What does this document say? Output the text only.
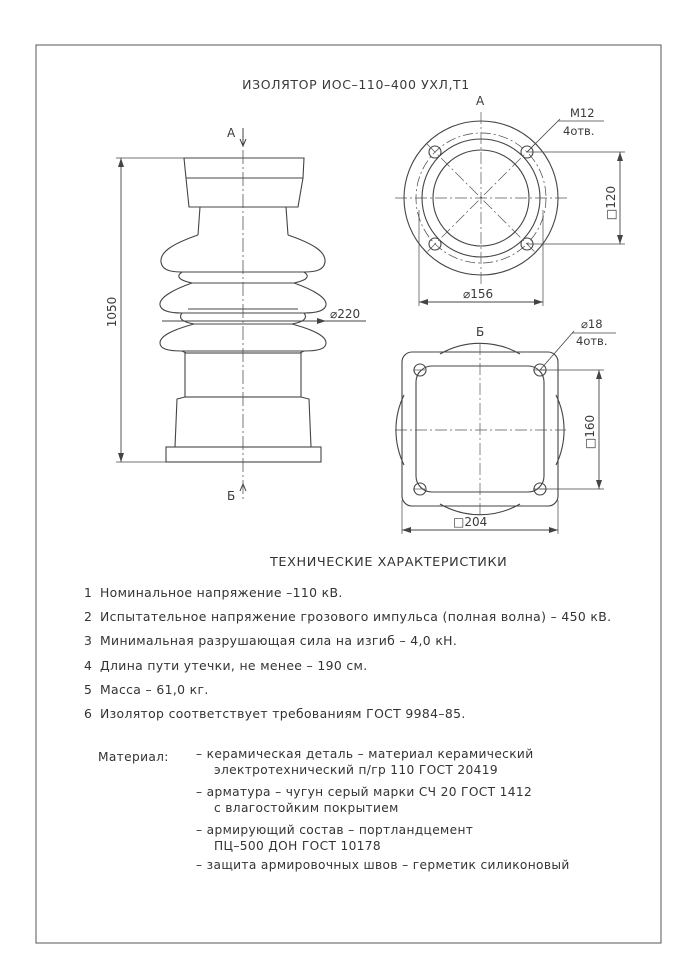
ИЗОЛЯТОР ИОС–110–400 УХЛ,Т1
А
Б
1050	⌀220
А
М12
4отв.
⌀156
□120
Б
⌀18
4отв.
□160
□204
ТЕХНИЧЕСКИЕ ХАРАКТЕРИСТИКИ
1 Номинальное напряжение –110 кВ.
2 Испытательное напряжение грозового импульса (полная волна) – 450 кВ.
3 Минимальная разрушающая сила на изгиб – 4,0 кН.
4 Длина пути утечки, не менее – 190 см.
5 Масса – 61,0 кг.
6 Изолятор соответствует требованиям ГОСТ 9984–85.
Материал: – керамическая деталь – материал керамический
электротехнический п/гр 110 ГОСТ 20419
– арматура – чугун серый марки СЧ 20 ГОСТ 1412
с влагостойким покрытием
– армирующий состав – портландцемент
ПЦ–500 ДОН ГОСТ 10178
– защита армировочных швов – герметик силиконовый
